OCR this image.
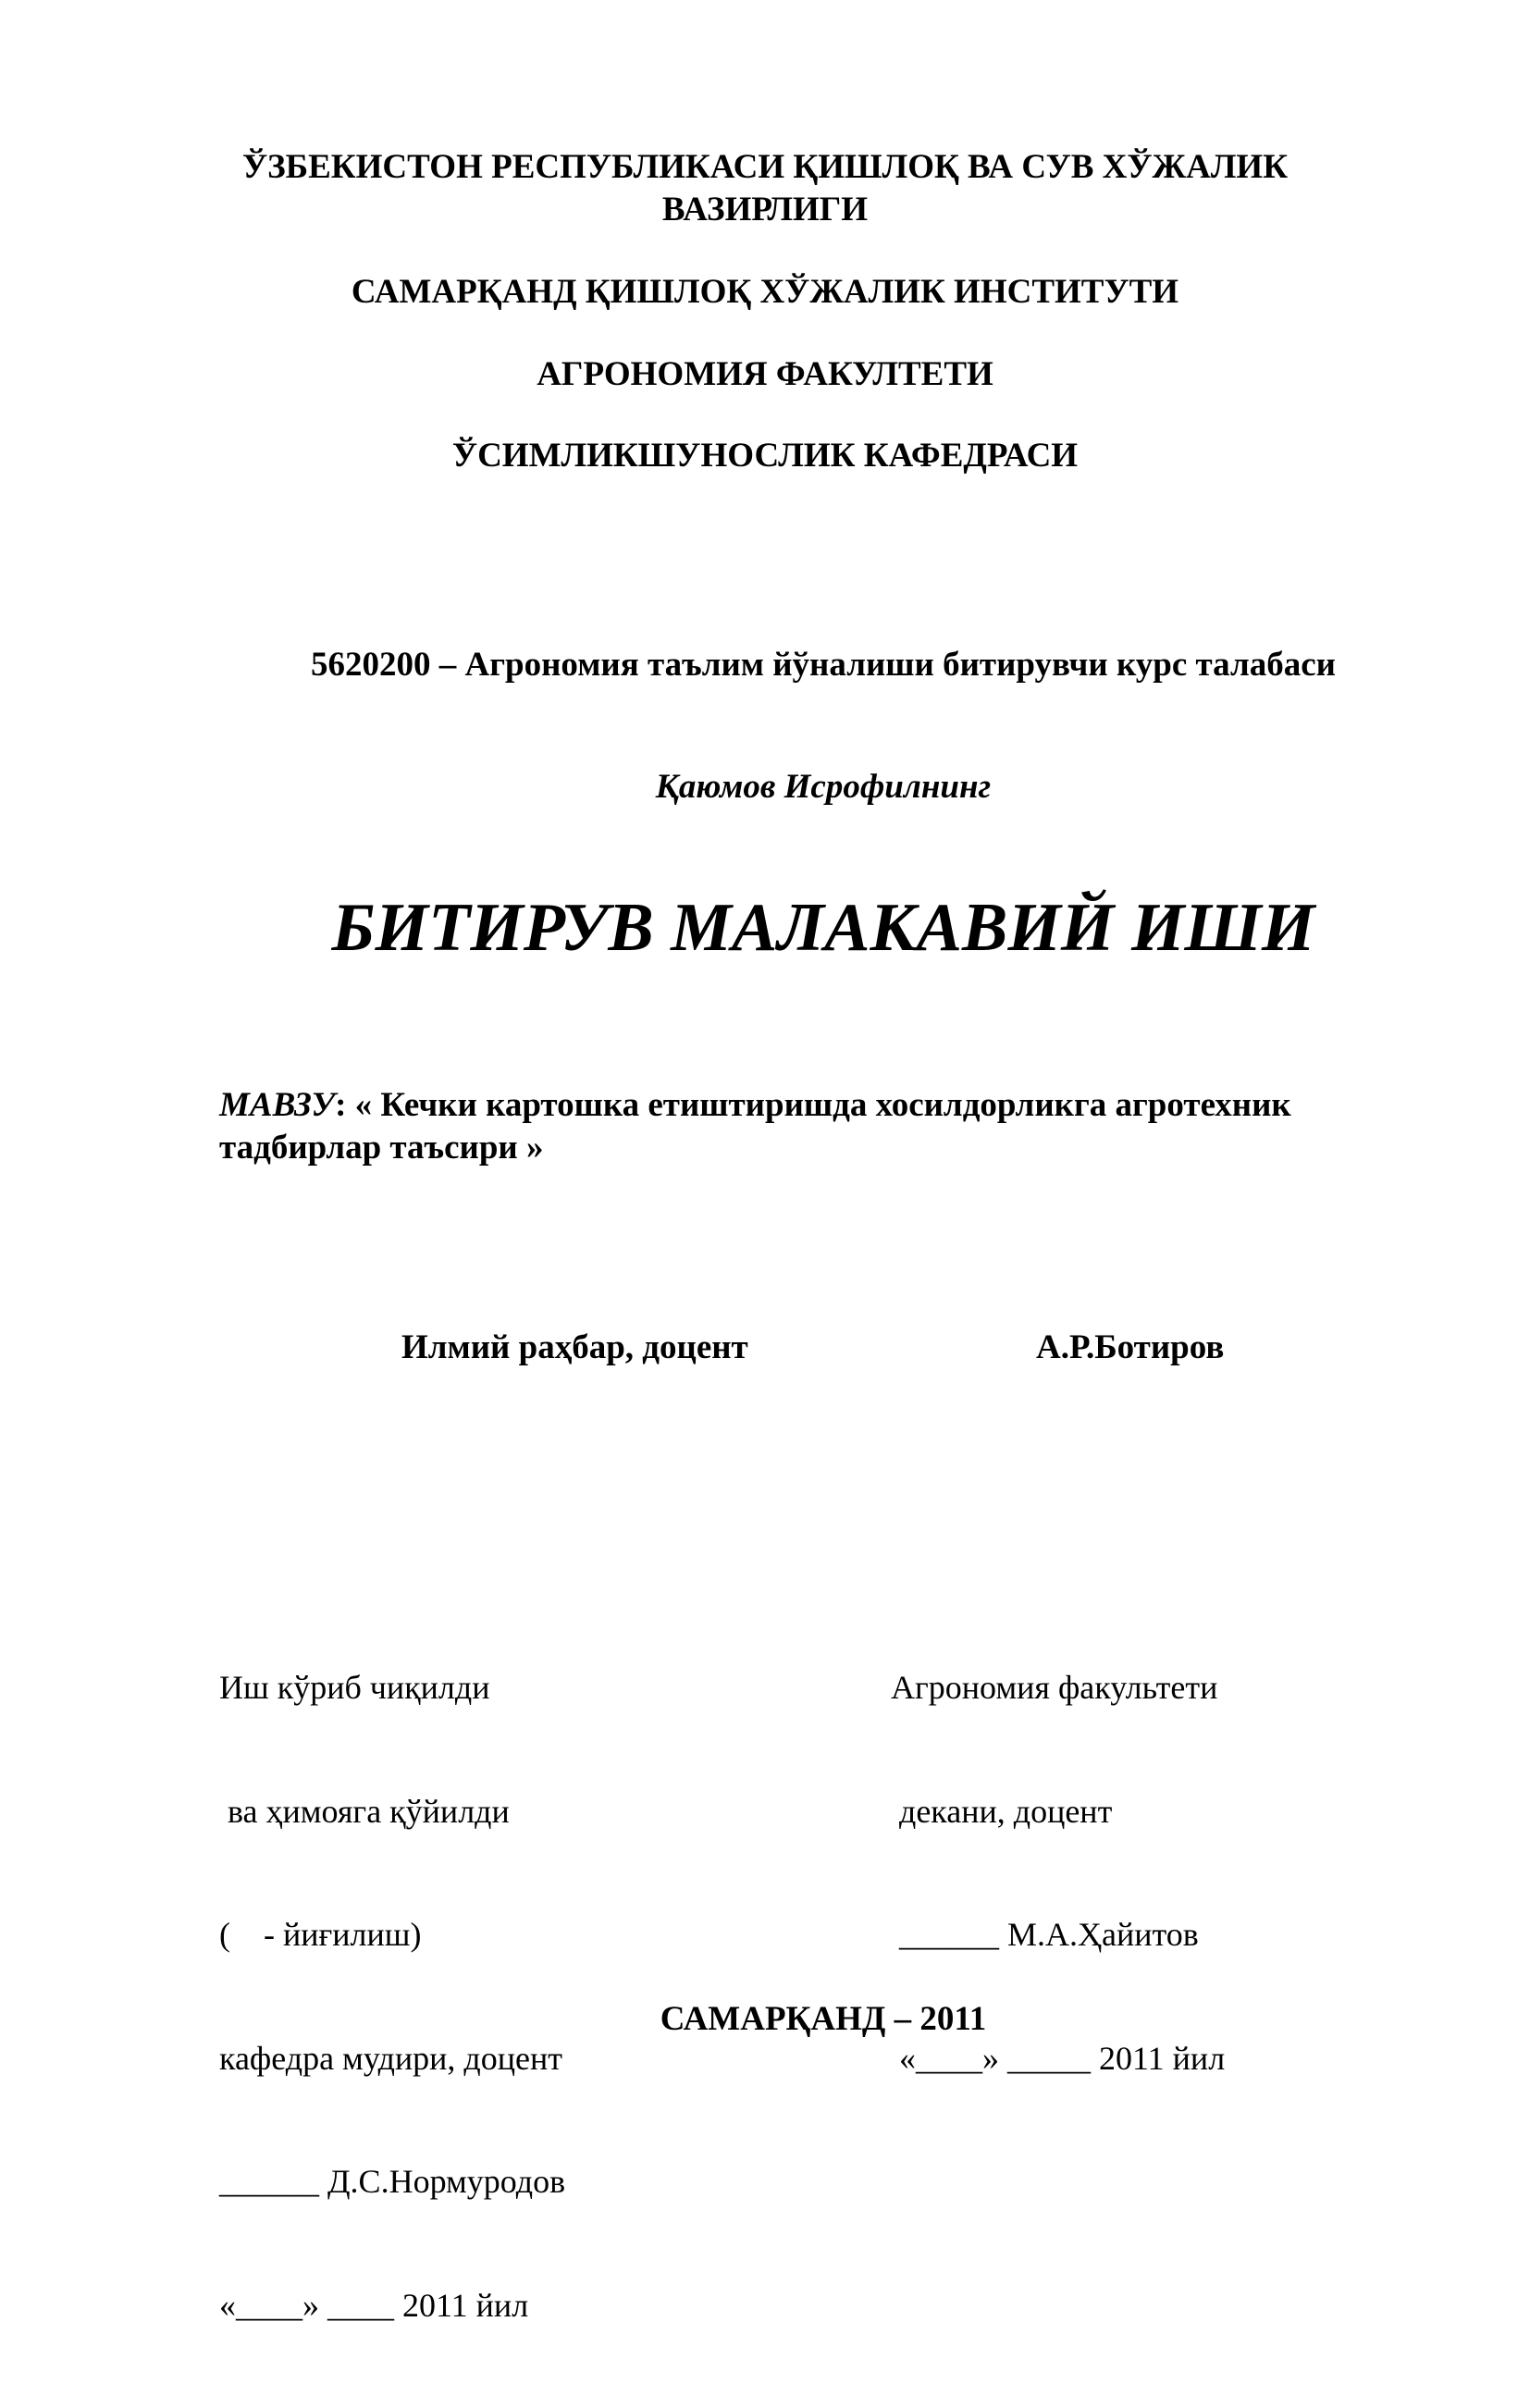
ЎЗБЕКИСТОН РЕСПУБЛИКАСИ ҚИШЛОҚ ВА СУВ ХЎЖАЛИК
ВАЗИРЛИГИ
САМАРҚАНД ҚИШЛОҚ ХЎЖАЛИК ИНСТИТУТИ
АГРОНОМИЯ ФАКУЛТЕТИ
ЎСИМЛИКШУНОСЛИК КАФЕДРАСИ
5620200 – Агрономия таълим йўналиши битирувчи курс талабаси
Қаюмов Исрофилнинг
БИТИРУВ МАЛАКАВИЙ ИШИ
МАВЗУ: « Кечки картошка етиштиришда хосилдорликга агротехник тадбирлар таъсири »
Илмий раҳбар, доцент	А.Р.Ботиров

Иш кўриб чиқилди

ва ҳимояга қўйилди

(    - йиғилиш)

кафедра мудири, доцент

______ Д.С.Нормуродов

«____» ____ 2011 йил

Агрономия факультети

декани, доцент

______ М.А.Ҳайитов

«____» _____ 2011 йил

САМАРҚАНД – 2011
